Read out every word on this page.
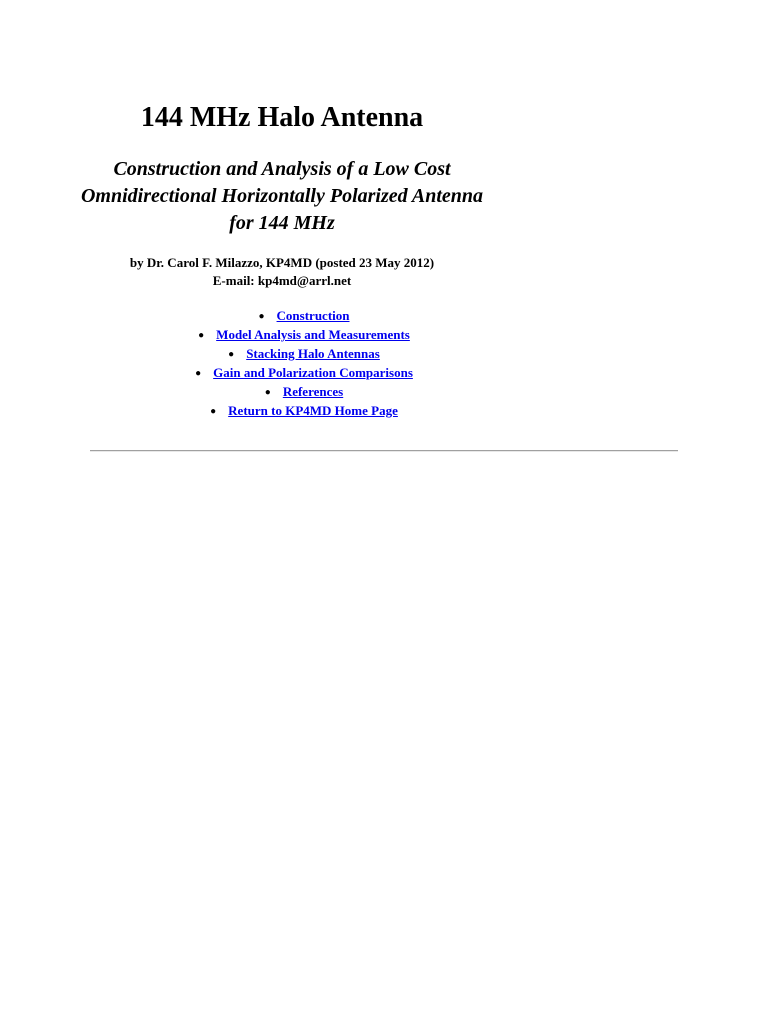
144 MHz Halo Antenna
Construction and Analysis of a Low Cost Omnidirectional Horizontally Polarized Antenna for 144 MHz

by Dr. Carol F. Milazzo, KP4MD (posted 23 May 2012)
E-mail: kp4md@arrl.net

● Construction
● Model Analysis and Measurements
● Stacking Halo Antennas
● Gain and Polarization Comparisons
● References
● Return to KP4MD Home Page
